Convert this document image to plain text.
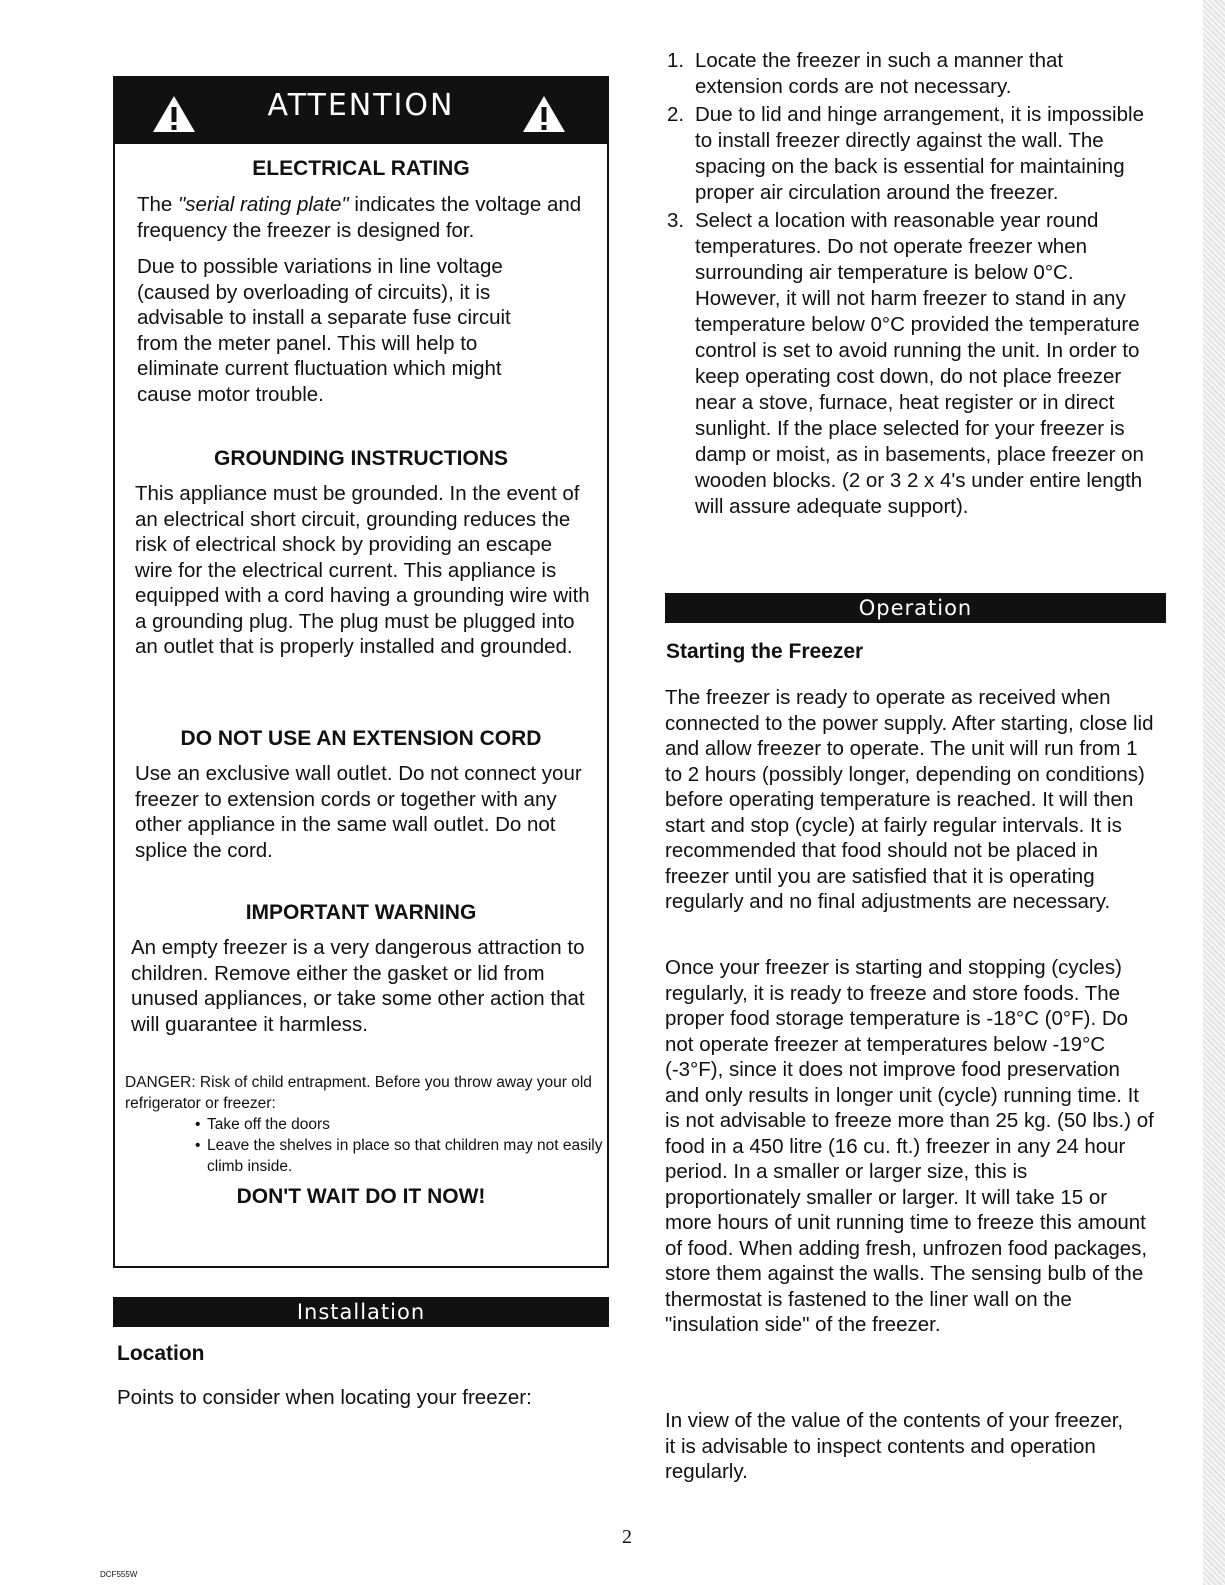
ATTENTION
ELECTRICAL RATING
The "serial rating plate" indicates the voltage and frequency the freezer is designed for.
Due to possible variations in line voltage (caused by overloading of circuits), it is advisable to install a separate fuse circuit from the meter panel. This will help to eliminate current fluctuation which might cause motor trouble.
GROUNDING INSTRUCTIONS
This appliance must be grounded. In the event of an electrical short circuit, grounding reduces the risk of electrical shock by providing an escape wire for the electrical current. This appliance is equipped with a cord having a grounding wire with a grounding plug. The plug must be plugged into an outlet that is properly installed and grounded.
DO NOT USE AN EXTENSION CORD
Use an exclusive wall outlet. Do not connect your freezer to extension cords or together with any other appliance in the same wall outlet. Do not splice the cord.
IMPORTANT WARNING
An empty freezer is a very dangerous attraction to children. Remove either the gasket or lid from unused appliances, or take some other action that will guarantee it harmless.
DANGER: Risk of child entrapment. Before you throw away your old refrigerator or freezer:
• Take off the doors
• Leave the shelves in place so that children may not easily climb inside.
DON'T WAIT DO IT NOW!
Installation
Location
Points to consider when locating your freezer:
1. Locate the freezer in such a manner that extension cords are not necessary.
2. Due to lid and hinge arrangement, it is impossible to install freezer directly against the wall. The spacing on the back is essential for maintaining proper air circulation around the freezer.
3. Select a location with reasonable year round temperatures. Do not operate freezer when surrounding air temperature is below 0°C. However, it will not harm freezer to stand in any temperature below 0°C provided the temperature control is set to avoid running the unit. In order to keep operating cost down, do not place freezer near a stove, furnace, heat register or in direct sunlight. If the place selected for your freezer is damp or moist, as in basements, place freezer on wooden blocks. (2 or 3 2 x 4's under entire length will assure adequate support).
Operation
Starting the Freezer
The freezer is ready to operate as received when connected to the power supply. After starting, close lid and allow freezer to operate. The unit will run from 1 to 2 hours (possibly longer, depending on conditions) before operating temperature is reached. It will then start and stop (cycle) at fairly regular intervals. It is recommended that food should not be placed in freezer until you are satisfied that it is operating regularly and no final adjustments are necessary.
Once your freezer is starting and stopping (cycles) regularly, it is ready to freeze and store foods. The proper food storage temperature is -18°C (0°F). Do not operate freezer at temperatures below -19°C (-3°F), since it does not improve food preservation and only results in longer unit (cycle) running time. It is not advisable to freeze more than 25 kg. (50 lbs.) of food in a 450 litre (16 cu. ft.) freezer in any 24 hour period. In a smaller or larger size, this is proportionately smaller or larger. It will take 15 or more hours of unit running time to freeze this amount of food. When adding fresh, unfrozen food packages, store them against the walls. The sensing bulb of the thermostat is fastened to the liner wall on the "insulation side" of the freezer.
In view of the value of the contents of your freezer, it is advisable to inspect contents and operation regularly.
2
DCF555W
